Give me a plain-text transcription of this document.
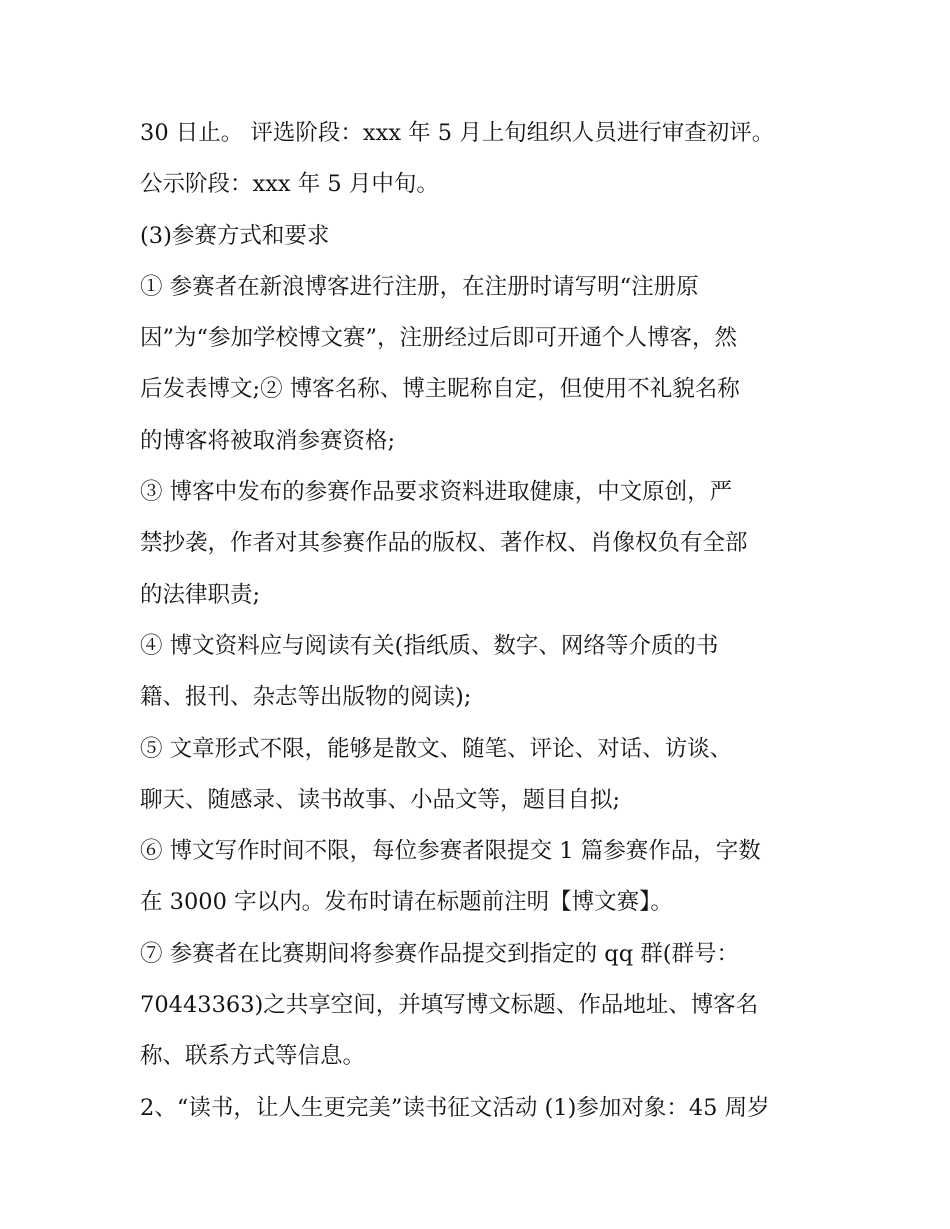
30 日止。 评选阶段：xxx 年 5 月上旬组织人员进行审查初评。
公示阶段：xxx 年 5 月中旬。
(3)参赛方式和要求
① 参赛者在新浪博客进行注册，在注册时请写明“注册原
因”为“参加学校博文赛”，注册经过后即可开通个人博客，然
后发表博文;② 博客名称、博主昵称自定，但使用不礼貌名称
的博客将被取消参赛资格;
③ 博客中发布的参赛作品要求资料进取健康，中文原创，严
禁抄袭，作者对其参赛作品的版权、著作权、肖像权负有全部
的法律职责;
④ 博文资料应与阅读有关(指纸质、数字、网络等介质的书
籍、报刊、杂志等出版物的阅读);
⑤ 文章形式不限，能够是散文、随笔、评论、对话、访谈、
聊天、随感录、读书故事、小品文等，题目自拟;
⑥ 博文写作时间不限，每位参赛者限提交 1 篇参赛作品，字数
在 3000 字以内。发布时请在标题前注明【博文赛】。
⑦ 参赛者在比赛期间将参赛作品提交到指定的 qq 群(群号：
70443363)之共享空间，并填写博文标题、作品地址、博客名
称、联系方式等信息。
2、“读书，让人生更完美”读书征文活动 (1)参加对象：45 周岁
